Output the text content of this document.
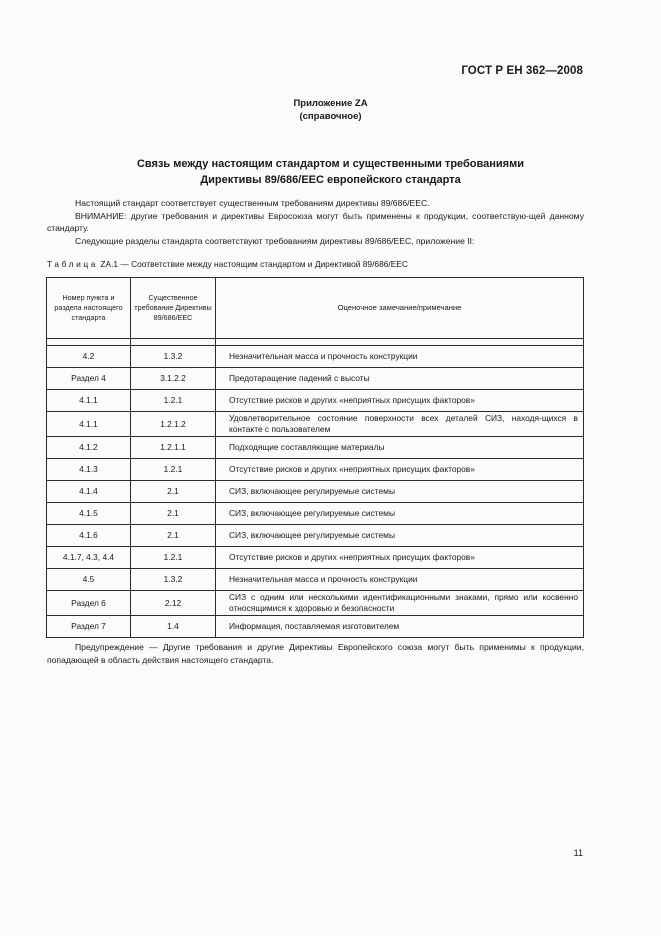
ГОСТ Р ЕН 362—2008
Приложение ZA
(справочное)
Связь между настоящим стандартом и существенными требованиями
Директивы 89/686/ЕЕС европейского стандарта

Настоящий стандарт соответствует существенным требованиям директивы 89/686/ЕЕС.

ВНИМАНИЕ: другие требования и директивы Евросоюза могут быть применены к продукции, соответствую-щей данному стандарту.

Следующие разделы стандарта соответствуют требованиям директивы 89/686/ЕЕС, приложение II:

Таблица ZA.1 — Соответствие между настоящим стандартом и Директивой 89/686/ЕЕС
Номер пункта и раздела настоящего стандарта	Существенное требование Директивы 89/686/ЕЕС	Оценочное замечание/примечание

4.2	1.3.2	Незначительная масса и прочность конструкции
Раздел 4	3.1.2.2	Предотаращение падений с высоты
4.1.1	1.2.1	Отсутствие рисков и других «неприятных присущих факторов»
4.1.1	1.2.1.2	Удовлетворительное состояние поверхности всех деталей СИЗ, находя-щихся в контакте с пользователем
4.1.2	1.2.1.1	Подходящие составляющие материалы
4.1.3	1.2.1	Отсутствие рисков и других «неприятных присущих факторов»
4.1.4	2.1	СИЗ, включающее регулируемые системы
4.1.5	2.1	СИЗ, включающее регулируемые системы
4.1.6	2.1	СИЗ, включающее регулируемые системы
4.1.7, 4.3, 4.4	1.2.1	Отсутствие рисков и других «неприятных присущих факторов»
4.5	1.3.2	Незначительная масса и прочность конструкции
Раздел 6	2.12	СИЗ с одним или несколькими идентификационными знаками, прямо или косвенно относящимися к здоровью и безопасности
Раздел 7	1.4	Информация, поставляемая изготовителем

Предупреждение — Другие требования и другие Директивы Европейского союза могут быть применимы к продукции, попадающей в область действия настоящего стандарта.

11
